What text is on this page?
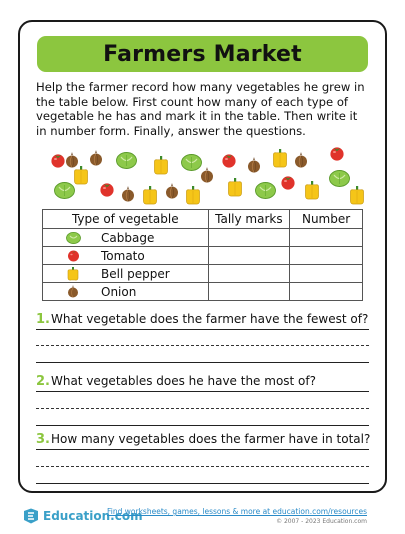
Farmers Market

Help the farmer record how many vegetables he grew in the table below. First count how many of each type of vegetable he has and mark it in the table. Then write it in number form. Finally, answer the questions.

Type of vegetable	Tally marks	Number

Cabbage		

Tomato		

Bell pepper		

Onion		

1.What vegetable does the farmer have the fewest of?
2.What vegetables does he have the most of?
3.How many vegetables does the farmer have in total?
Education.com
Find worksheets, games, lessons & more at education.com/resources
© 2007 - 2023 Education.com
